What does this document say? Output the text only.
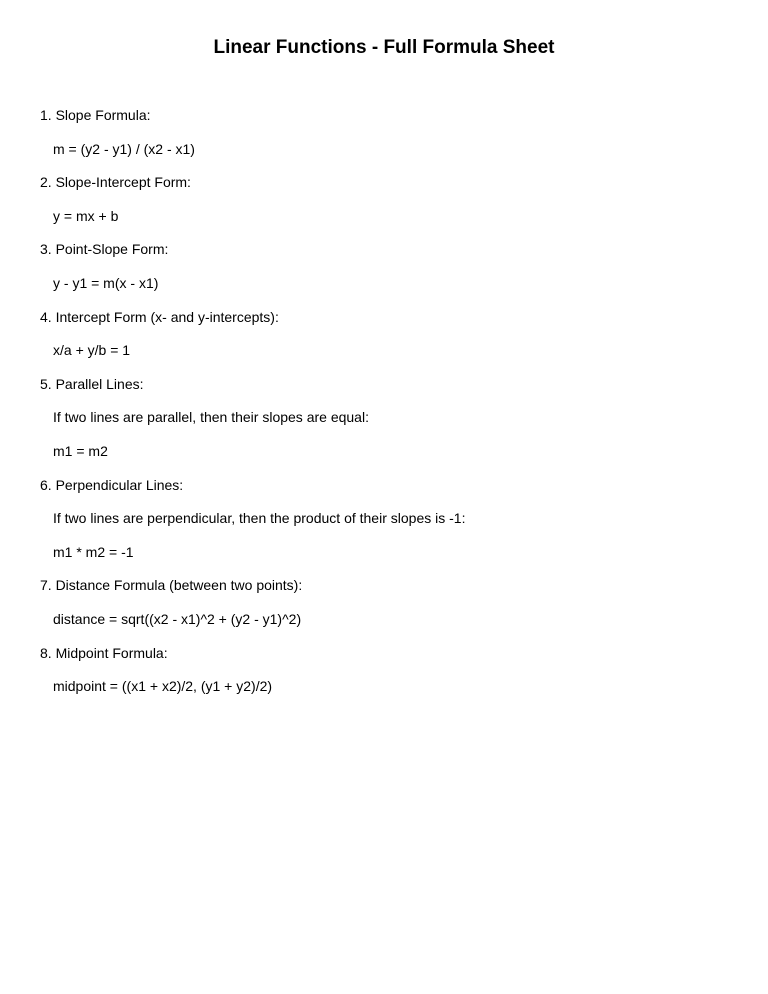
Linear Functions - Full Formula Sheet
1. Slope Formula:
m = (y2 - y1) / (x2 - x1)
2. Slope-Intercept Form:
y = mx + b
3. Point-Slope Form:
y - y1 = m(x - x1)
4. Intercept Form (x- and y-intercepts):
x/a + y/b = 1
5. Parallel Lines:
If two lines are parallel, then their slopes are equal:
m1 = m2
6. Perpendicular Lines:
If two lines are perpendicular, then the product of their slopes is -1:
m1 * m2 = -1
7. Distance Formula (between two points):
distance = sqrt((x2 - x1)^2 + (y2 - y1)^2)
8. Midpoint Formula:
midpoint = ((x1 + x2)/2, (y1 + y2)/2)
